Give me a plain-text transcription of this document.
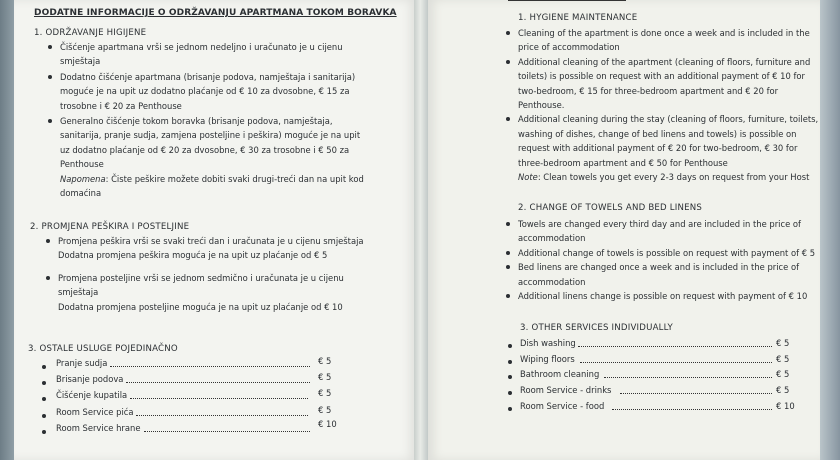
DODATNE INFORMACIJE O ODRŽAVANJU APARTMANA TOKOM BORAVKA
1. ODRŽAVANJE HIGIJENE
Čišćenje apartmana vrši se jednom nedeljno i uračunato je u cijenu
smještaja
Dodatno čišćenje apartmana (brisanje podova, namještaja i sanitarija)
moguće je na upit uz dodatno plaćanje od € 10 za dvosobne, € 15 za
trosobne i € 20 za Penthouse
Generalno čišćenje tokom boravka (brisanje podova, namještaja,
sanitarija, pranje sudja, zamjena posteljine i peškira) moguće je na upit
uz dodatno plaćanje od € 20 za dvosobne, € 30 za trosobne i € 50 za
Penthouse
Napomena: Čiste peškire možete dobiti svaki drugi-treći dan na upit kod
domaćina
2. PROMJENA PEŠKIRA I POSTELJINE
Promjena peškira vrši se svaki treći dan i uračunata je u cijenu smještaja
Dodatna promjena peškira moguća je na upit uz plaćanje od € 5
Promjena posteljine vrši se jednom sedmično i uračunata je u cijenu
smještaja
Dodatna promjena posteljine moguća je na upit uz plaćanje od € 10
3. OSTALE USLUGE POJEDINAČNO
Pranje sudja	€ 5
Brisanje podova	€ 5
Čišćenje kupatila	€ 5
Room Service pića	€ 5
Room Service hrane	€ 10
1. HYGIENE MAINTENANCE
Cleaning of the apartment is done once a week and is included in the
price of accommodation
Additional cleaning of the apartment (cleaning of floors, furniture and
toilets) is possible on request with an additional payment of € 10 for
two-bedroom, € 15 for three-bedroom apartment and € 20 for
Penthouse.
Additional cleaning during the stay (cleaning of floors, furniture, toilets,
washing of dishes, change of bed linens and towels) is possible on
request with additional payment of € 20 for two-bedroom, € 30 for
three-bedroom apartment and € 50 for Penthouse
Note: Clean towels you get every 2-3 days on request from your Host
2. CHANGE OF TOWELS AND BED LINENS
Towels are changed every third day and are included in the price of
accommodation
Additional change of towels is possible on request with payment of € 5
Bed linens are changed once a week and is included in the price of
accommodation
Additional linens change is possible on request with payment of € 10
3. OTHER SERVICES INDIVIDUALLY
Dish washing	€ 5
Wiping floors	€ 5
Bathroom cleaning	€ 5
Room Service - drinks	€ 5
Room Service - food	€ 10
